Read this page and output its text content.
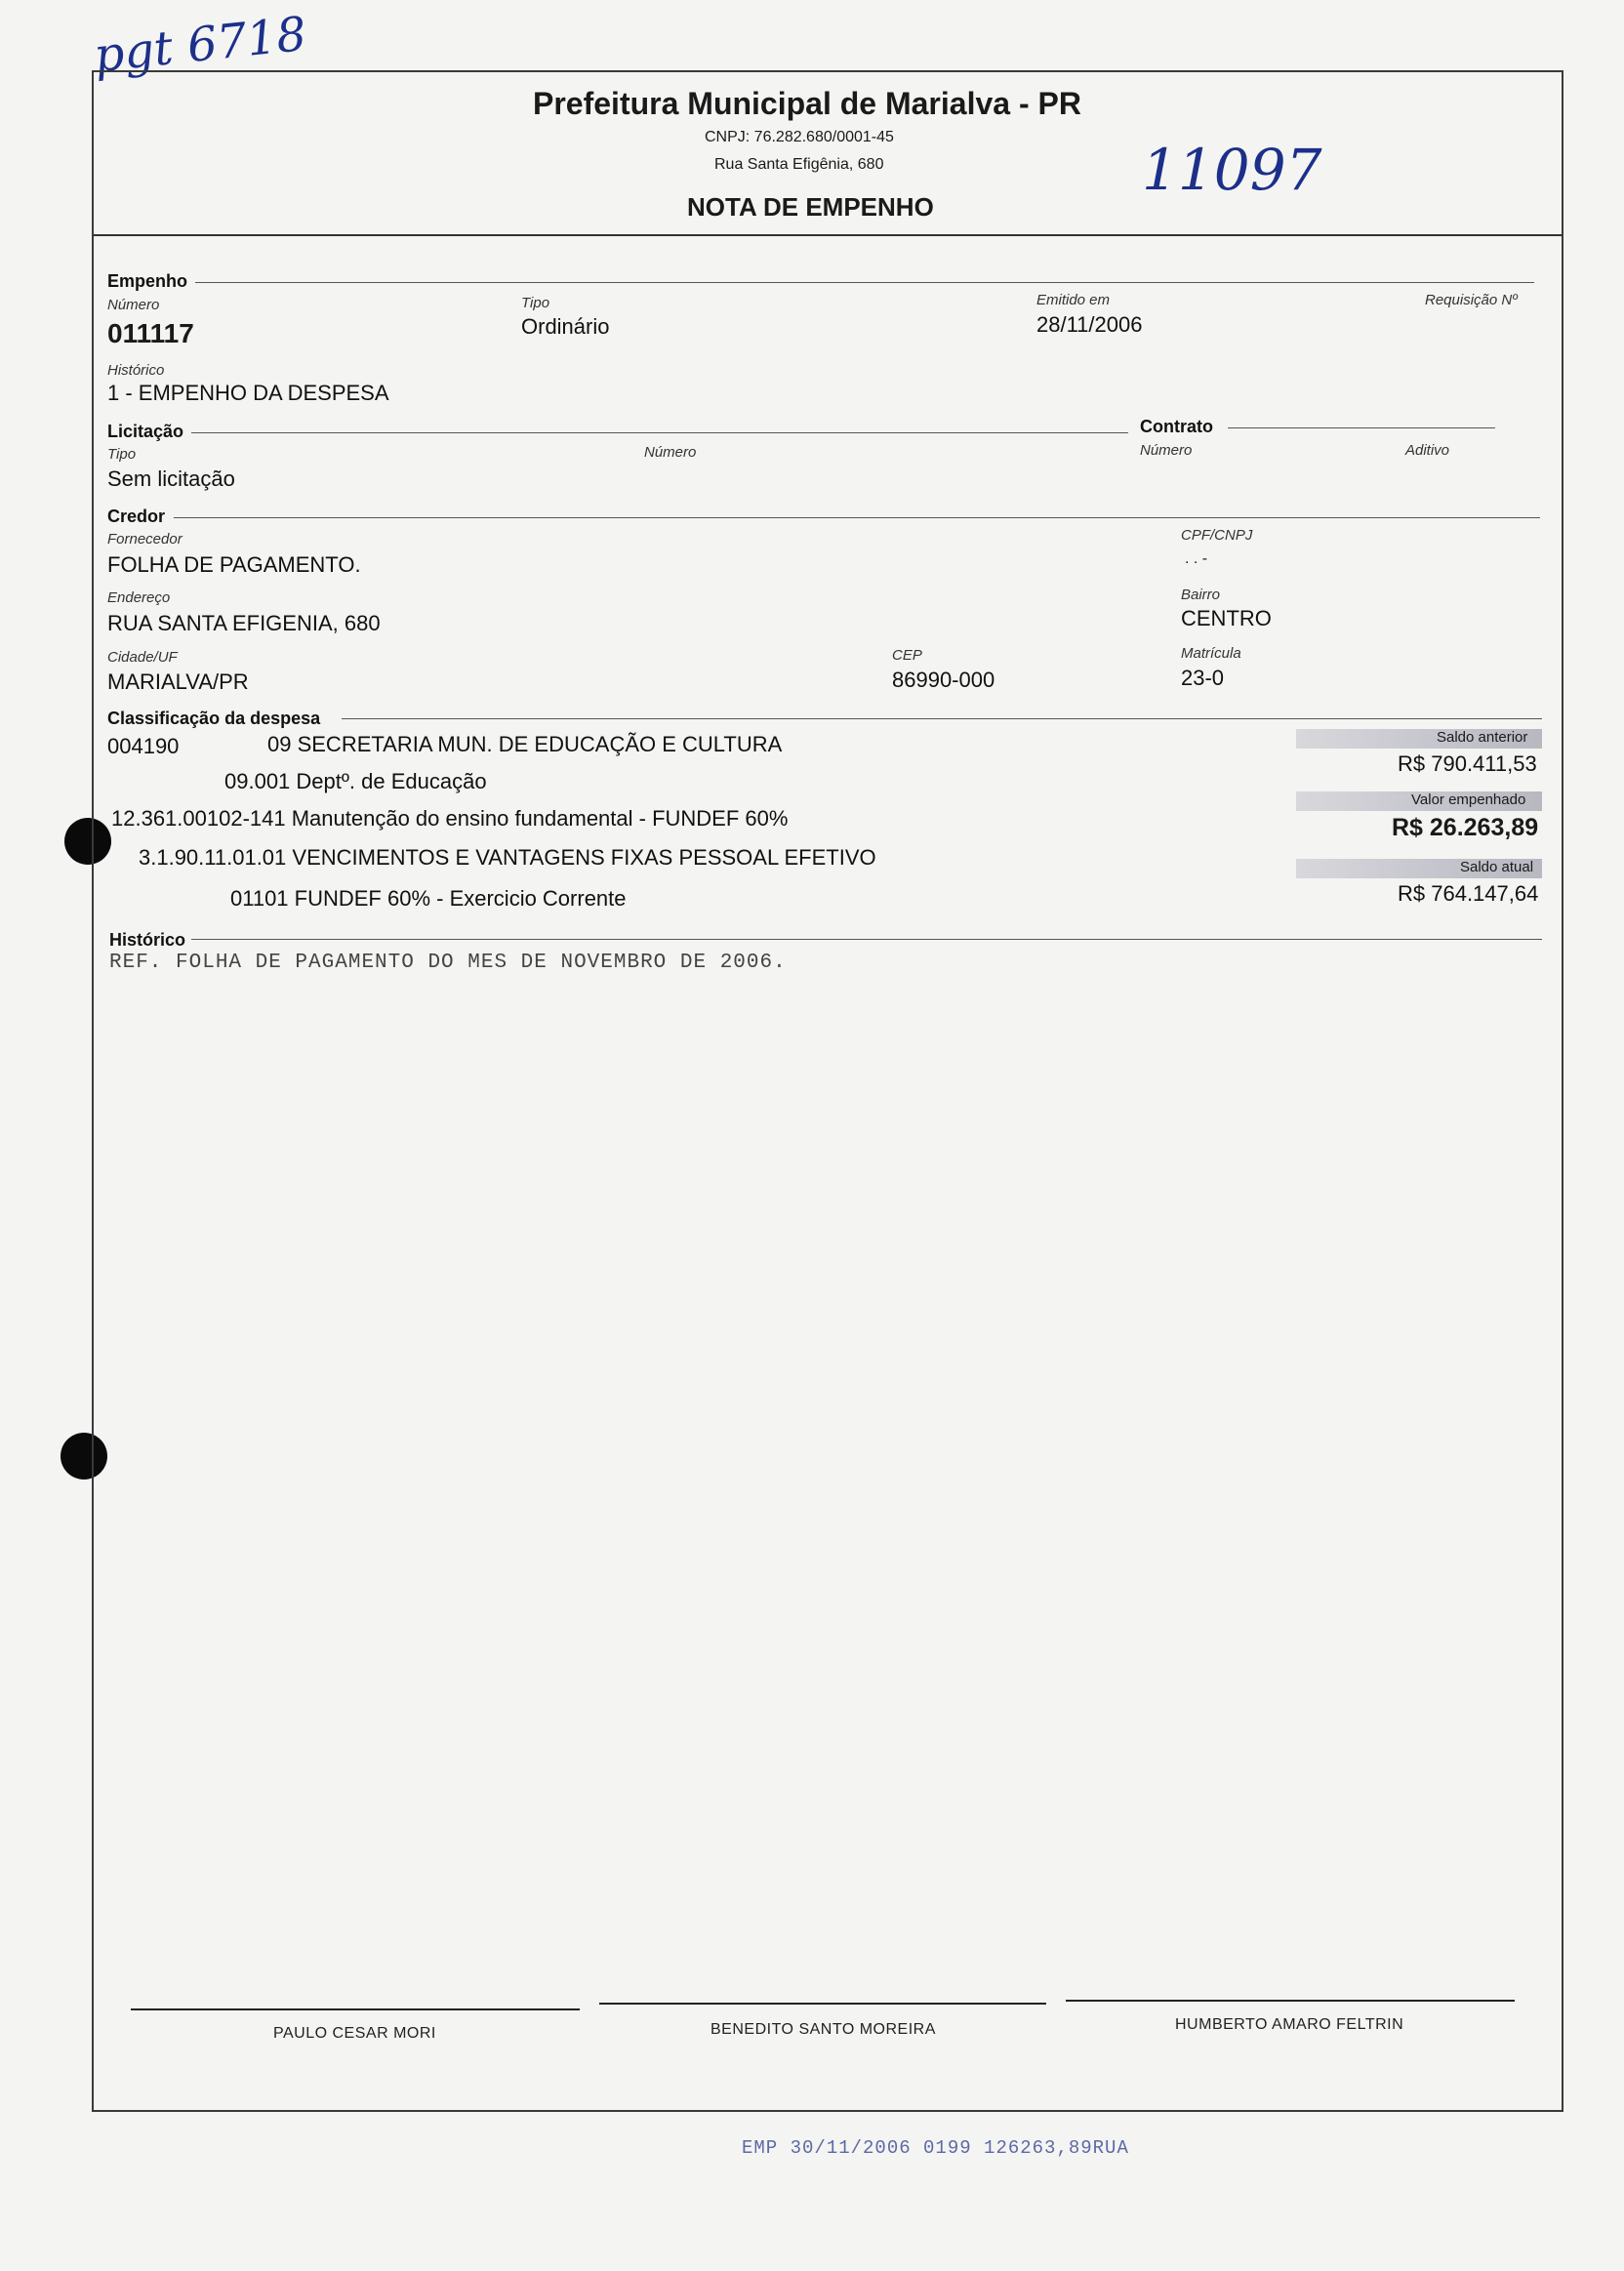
pgt 6718
11097
Prefeitura Municipal de Marialva - PR
CNPJ: 76.282.680/0001-45
Rua Santa Efigênia, 680
NOTA DE EMPENHO
Empenho
Número
011117
Tipo
Ordinário
Emitido em
28/11/2006
Requisição Nº
Histórico
1 - EMPENHO DA DESPESA
Licitação	Contrato
Tipo
Sem licitação
Número	Número	Aditivo
Credor
Fornecedor
FOLHA DE PAGAMENTO.
CPF/CNPJ
. . -
Endereço
RUA SANTA EFIGENIA, 680
Bairro
CENTRO
Cidade/UF
MARIALVA/PR
CEP
86990-000
Matrícula
23-0
Classificação da despesa
004190	09 SECRETARIA MUN. DE EDUCAÇÃO E CULTURA
09.001 Deptº. de Educação
12.361.00102-141 Manutenção do ensino fundamental - FUNDEF 60%
3.1.90.11.01.01 VENCIMENTOS E VANTAGENS FIXAS PESSOAL EFETIVO
01101 FUNDEF 60% - Exercicio Corrente
Saldo anterior
R$ 790.411,53
Valor empenhado
R$ 26.263,89
Saldo atual
R$ 764.147,64
Histórico
REF. FOLHA DE PAGAMENTO DO MES DE NOVEMBRO DE 2006.
PAULO CESAR MORI	BENEDITO SANTO MOREIRA	HUMBERTO AMARO FELTRIN
EMP 30/11/2006 0199 126263,89RUA
